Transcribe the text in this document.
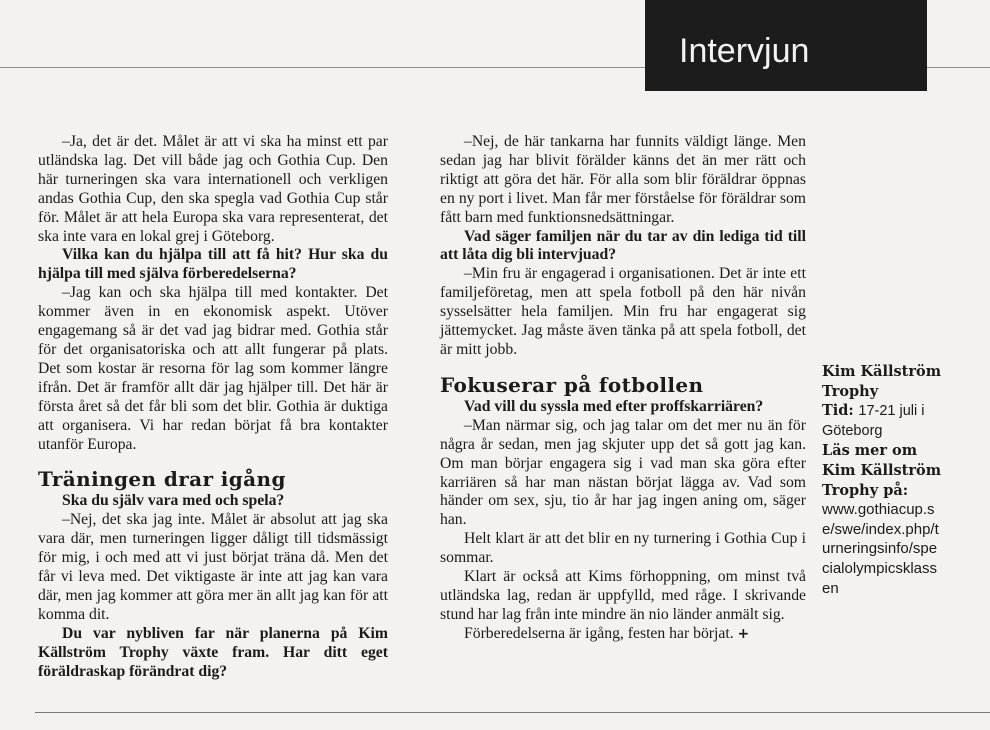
Intervjun

–Ja, det är det. Målet är att vi ska ha minst ett par utländska lag. Det vill både jag och Gothia Cup. Den här turneringen ska vara internationell och verkligen andas Gothia Cup, den ska spegla vad Gothia Cup står för. Målet är att hela Europa ska vara representerat, det ska inte vara en lokal grej i Göteborg.

Vilka kan du hjälpa till att få hit? Hur ska du hjälpa till med själva förberedelserna?

–Jag kan och ska hjälpa till med kontakter. Det kommer även in en ekonomisk aspekt. Utöver engagemang så är det vad jag bidrar med. Gothia står för det organisatoriska och att allt fungerar på plats. Det som kostar är resorna för lag som kommer längre ifrån. Det är framför allt där jag hjälper till. Det här är första året så det får bli som det blir. Gothia är duktiga att organisera. Vi har redan börjat få bra kontakter utanför Europa.

Träningen drar igång

Ska du själv vara med och spela?

–Nej, det ska jag inte. Målet är absolut att jag ska vara där, men turneringen ligger dåligt till tidsmässigt för mig, i och med att vi just börjat träna då. Men det får vi leva med. Det viktigaste är inte att jag kan vara där, men jag kommer att göra mer än allt jag kan för att komma dit.

Du var nybliven far när planerna på Kim Källström Trophy växte fram. Har ditt eget föräldraskap förändrat dig?

–Nej, de här tankarna har funnits väldigt länge. Men sedan jag har blivit förälder känns det än mer rätt och riktigt att göra det här. För alla som blir föräldrar öppnas en ny port i livet. Man får mer förståelse för föräldrar som fått barn med funktionsnedsättningar.

Vad säger familjen när du tar av din lediga tid till att låta dig bli intervjuad?

–Min fru är engagerad i organisationen. Det är inte ett familjeföretag, men att spela fotboll på den här nivån sysselsätter hela familjen. Min fru har engagerat sig jättemycket. Jag måste även tänka på att spela fotboll, det är mitt jobb.

Fokuserar på fotbollen

Vad vill du syssla med efter proffskarriären?

–Man närmar sig, och jag talar om det mer nu än för några år sedan, men jag skjuter upp det så gott jag kan. Om man börjar engagera sig i vad man ska göra efter karriären så har man nästan börjat lägga av. Vad som händer om sex, sju, tio år har jag ingen aning om, säger han.

Helt klart är att det blir en ny turnering i Gothia Cup i sommar.

Klart är också att Kims förhoppning, om minst två utländska lag, redan är uppfylld, med råge. I skrivande stund har lag från inte mindre än nio länder anmält sig.

Förberedelserna är igång, festen har börjat. +

Kim Källström Trophy
Tid: 17-21 juli i Göteborg
Läs mer om Kim Källström Trophy på:
www.gothiacup.se/swe/index.php/turneringsinfo/specialolympicsklassen
